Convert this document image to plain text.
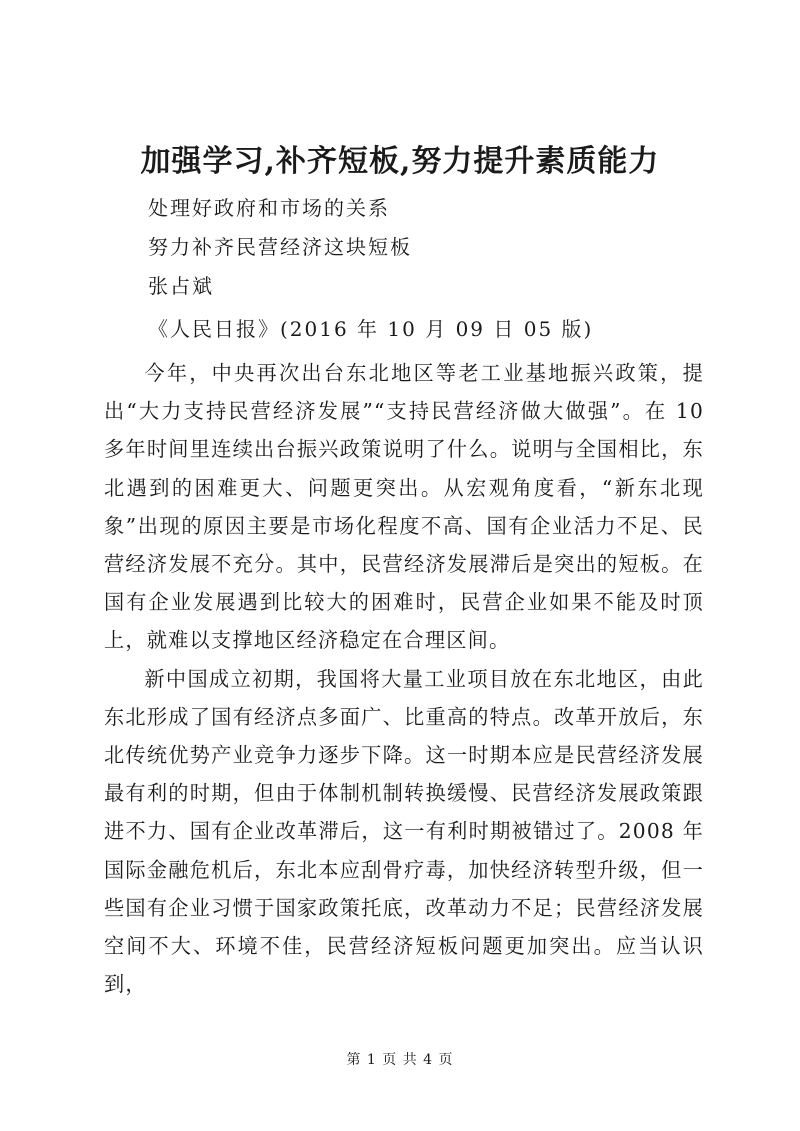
加强学习,补齐短板,努力提升素质能力
处理好政府和市场的关系
努力补齐民营经济这块短板
张占斌
《人民日报》(2016 年 10 月 09 日 05 版)

今年，中央再次出台东北地区等老工业基地振兴政策，提出“大力支持民营经济发展”“支持民营经济做大做强”。在 10 多年时间里连续出台振兴政策说明了什么。说明与全国相比，东北遇到的困难更大、问题更突出。从宏观角度看，“新东北现象”出现的原因主要是市场化程度不高、国有企业活力不足、民营经济发展不充分。其中，民营经济发展滞后是突出的短板。在国有企业发展遇到比较大的困难时，民营企业如果不能及时顶上，就难以支撑地区经济稳定在合理区间。

新中国成立初期，我国将大量工业项目放在东北地区，由此东北形成了国有经济点多面广、比重高的特点。改革开放后，东北传统优势产业竞争力逐步下降。这一时期本应是民营经济发展最有利的时期，但由于体制机制转换缓慢、民营经济发展政策跟进不力、国有企业改革滞后，这一有利时期被错过了。2008 年国际金融危机后，东北本应刮骨疗毒，加快经济转型升级，但一些国有企业习惯于国家政策托底，改革动力不足；民营经济发展空间不大、环境不佳，民营经济短板问题更加突出。应当认识到，

第 1 页 共 4 页
